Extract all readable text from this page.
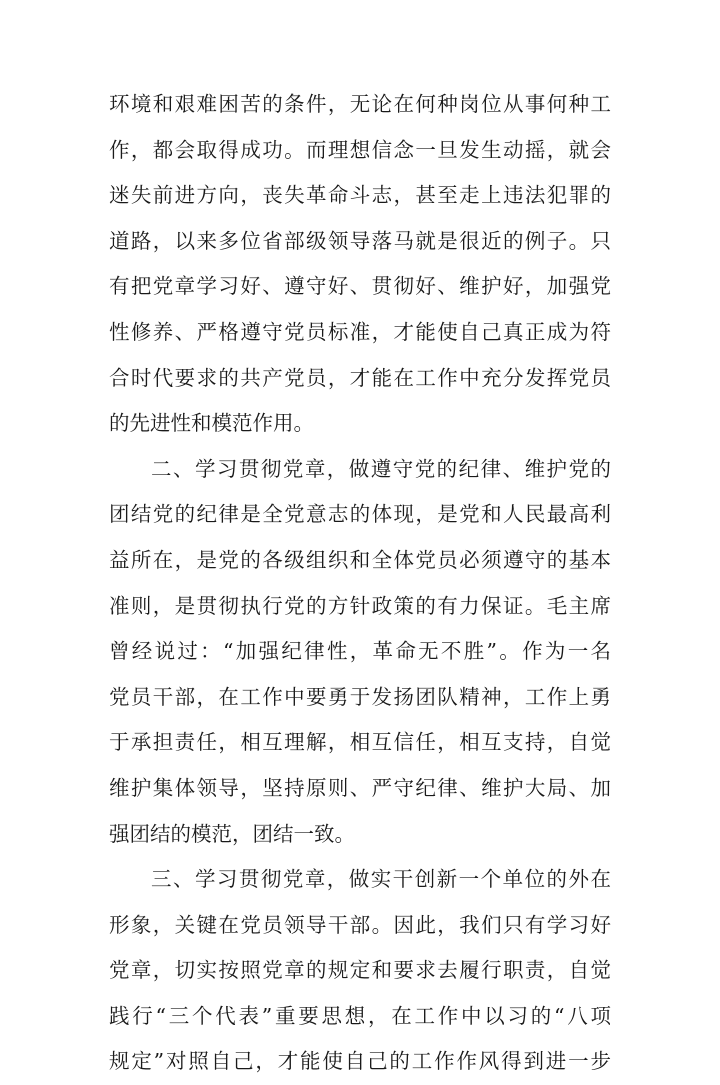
环境和艰难困苦的条件，无论在何种岗位从事何种工
作，都会取得成功。而理想信念一旦发生动摇，就会
迷失前进方向，丧失革命斗志，甚至走上违法犯罪的
道路，以来多位省部级领导落马就是很近的例子。只
有把党章学习好、遵守好、贯彻好、维护好，加强党
性修养、严格遵守党员标准，才能使自己真正成为符
合时代要求的共产党员，才能在工作中充分发挥党员
的先进性和模范作用。
二、学习贯彻党章，做遵守党的纪律、维护党的
团结党的纪律是全党意志的体现，是党和人民最高利
益所在，是党的各级组织和全体党员必须遵守的基本
准则，是贯彻执行党的方针政策的有力保证。毛主席
曾经说过：“加强纪律性，革命无不胜”。作为一名
党员干部，在工作中要勇于发扬团队精神，工作上勇
于承担责任，相互理解，相互信任，相互支持，自觉
维护集体领导，坚持原则、严守纪律、维护大局、加
强团结的模范，团结一致。
三、学习贯彻党章，做实干创新一个单位的外在
形象，关键在党员领导干部。因此，我们只有学习好
党章，切实按照党章的规定和要求去履行职责，自觉
践行“三个代表”重要思想，在工作中以习的“八项
规定”对照自己，才能使自己的工作作风得到进一步
